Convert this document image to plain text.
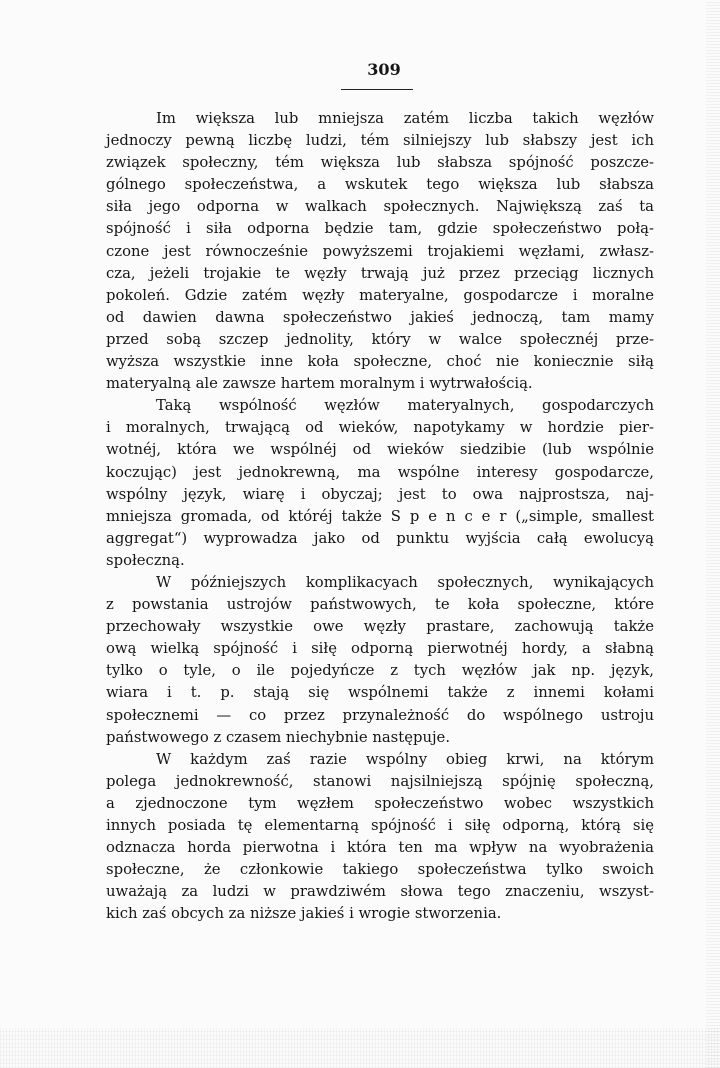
309
Im większa lub mniejsza zatém liczba takich węzłów
jednoczy pewną liczbę ludzi, tém silniejszy lub słabszy jest ich
związek społeczny, tém większa lub słabsza spójność poszcze-
gólnego społeczeństwa, a wskutek tego większa lub słabsza
siła jego odporna w walkach społecznych. Największą zaś ta
spójność i siła odporna będzie tam, gdzie społeczeństwo połą-
czone jest równocześnie powyższemi trojakiemi węzłami, zwłasz-
cza, jeżeli trojakie te węzły trwają już przez przeciąg licznych
pokoleń. Gdzie zatém węzły materyalne, gospodarcze i moralne
od dawien dawna społeczeństwo jakieś jednoczą, tam mamy
przed sobą szczep jednolity, który w walce społecznéj prze-
wyższa wszystkie inne koła społeczne, choć nie koniecznie siłą
materyalną ale zawsze hartem moralnym i wytrwałością.
Taką wspólność węzłów materyalnych, gospodarczych
i moralnych, trwającą od wieków, napotykamy w hordzie pier-
wotnéj, która we wspólnéj od wieków siedzibie (lub wspólnie
koczując) jest jednokrewną, ma wspólne interesy gospodarcze,
wspólny język, wiarę i obyczaj; jest to owa najprostsza, naj-
mniejsza gromada, od któréj także S p e n c e r („simple, smallest
aggregat“) wyprowadza jako od punktu wyjścia całą ewolucyą
społeczną.
W późniejszych komplikacyach społecznych, wynikających
z powstania ustrojów państwowych, te koła społeczne, które
przechowały wszystkie owe węzły prastare, zachowują także
ową wielką spójność i siłę odporną pierwotnéj hordy, a słabną
tylko o tyle, o ile pojedyńcze z tych węzłów jak np. język,
wiara i t. p. stają się wspólnemi także z innemi kołami
społecznemi — co przez przynależność do wspólnego ustroju
państwowego z czasem niechybnie następuje.
W każdym zaś razie wspólny obieg krwi, na którym
polega jednokrewność, stanowi najsilniejszą spójnię społeczną,
a zjednoczone tym węzłem społeczeństwo wobec wszystkich
innych posiada tę elementarną spójność i siłę odporną, którą się
odznacza horda pierwotna i która ten ma wpływ na wyobrażenia
społeczne, że członkowie takiego społeczeństwa tylko swoich
uważają za ludzi w prawdziwém słowa tego znaczeniu, wszyst-
kich zaś obcych za niższe jakieś i wrogie stworzenia.
